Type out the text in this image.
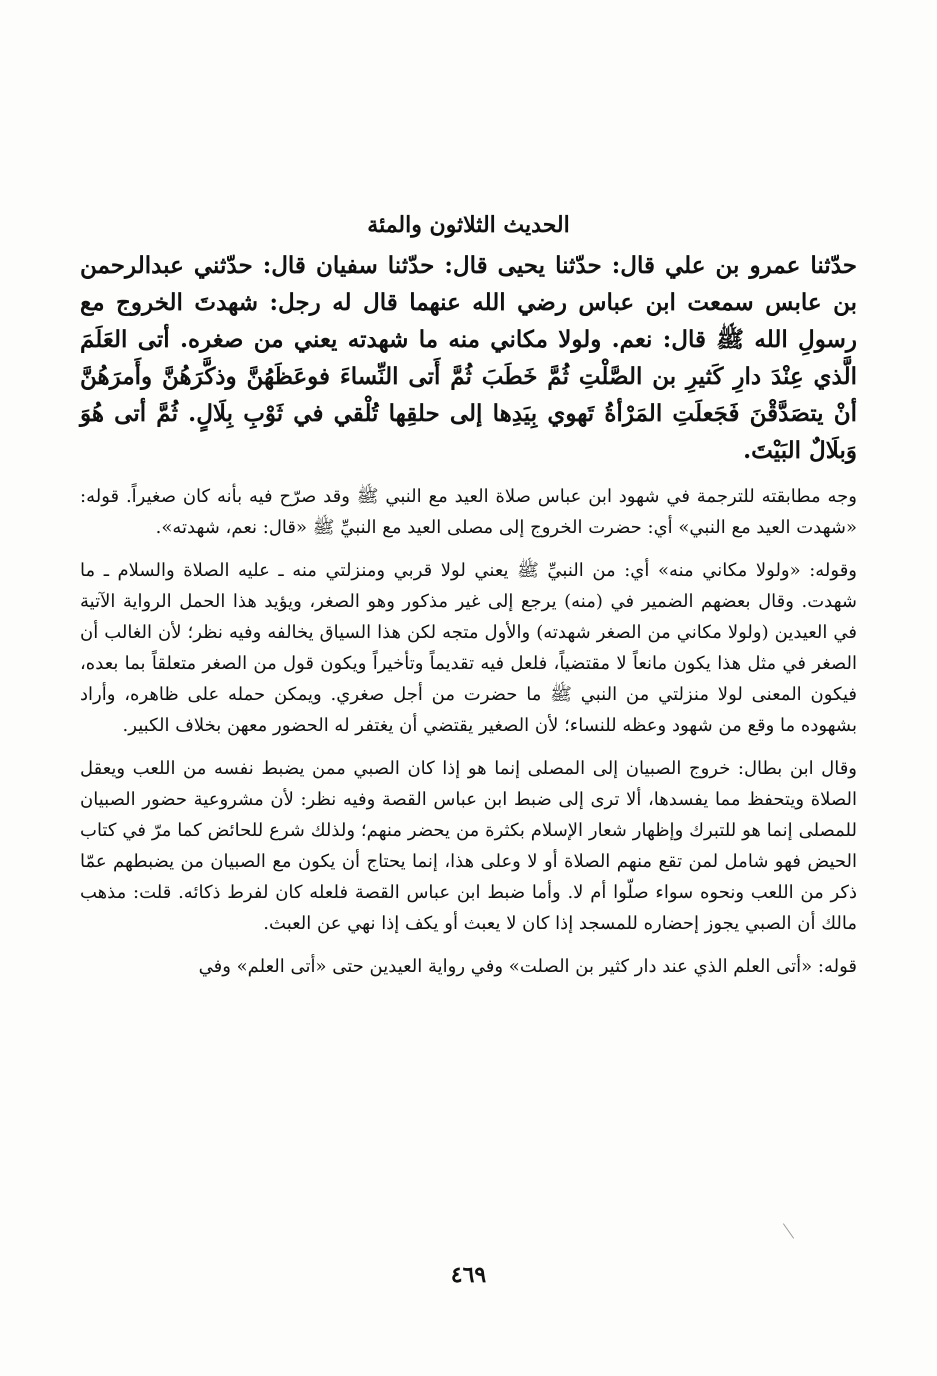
الحديث الثلاثون والمئة
حدّثنا عمرو بن علي قال: حدّثنا يحيى قال: حدّثنا سفيان قال: حدّثني عبدالرحمن بن عابس سمعت ابن عباس رضي الله عنهما قال له رجل: شهدتَ الخروج مع رسولِ الله ﷺ قال: نعم. ولولا مكاني منه ما شهدته يعني من صغره. أتى العَلَمَ الَّذي عِنْدَ دارِ كَثيرِ بن الصَّلْتِ ثُمَّ خَطَبَ ثُمَّ أَتى النِّساءَ فوعَظَهُنَّ وذكَّرَهُنَّ وأَمرَهُنَّ أنْ يتصَدَّقْنَ فَجَعلَتِ المَرْأةُ تَهوي بِيَدِها إلى حلقِها تُلْقي في ثَوْبِ بِلَالٍ. ثُمَّ أتى هُوَ وَبلَالٌ البَيْتَ.
وجه مطابقته للترجمة في شهود ابن عباس صلاة العيد مع النبي ﷺ وقد صرّح فيه بأنه كان صغيراً. قوله: «شهدت العيد مع النبي» أي: حضرت الخروج إلى مصلى العيد مع النبيِّ ﷺ «قال: نعم، شهدته».
وقوله: «ولولا مكاني منه» أي: من النبيِّ ﷺ يعني لولا قربي ومنزلتي منه ـ عليه الصلاة والسلام ـ ما شهدت. وقال بعضهم الضمير في (منه) يرجع إلى غير مذكور وهو الصغر، ويؤيد هذا الحمل الرواية الآتية في العيدين (ولولا مكاني من الصغر شهدته) والأول متجه لكن هذا السياق يخالفه وفيه نظر؛ لأن الغالب أن الصغر في مثل هذا يكون مانعاً لا مقتضياً، فلعل فيه تقديماً وتأخيراً ويكون قول من الصغر متعلقاً بما بعده، فيكون المعنى لولا منزلتي من النبي ﷺ ما حضرت من أجل صغري. ويمكن حمله على ظاهره، وأراد بشهوده ما وقع من شهود وعظه للنساء؛ لأن الصغير يقتضي أن يغتفر له الحضور معهن بخلاف الكبير.
وقال ابن بطال: خروج الصبيان إلى المصلى إنما هو إذا كان الصبي ممن يضبط نفسه من اللعب ويعقل الصلاة ويتحفظ مما يفسدها، ألا ترى إلى ضبط ابن عباس القصة وفيه نظر: لأن مشروعية حضور الصبيان للمصلى إنما هو للتبرك وإظهار شعار الإسلام بكثرة من يحضر منهم؛ ولذلك شرع للحائض كما مرّ في كتاب الحيض فهو شامل لمن تقع منهم الصلاة أو لا وعلى هذا، إنما يحتاج أن يكون مع الصبيان من يضبطهم عمّا ذكر من اللعب ونحوه سواء صلّوا أم لا. وأما ضبط ابن عباس القصة فلعله كان لفرط ذكائه. قلت: مذهب مالك أن الصبي يجوز إحضاره للمسجد إذا كان لا يعبث أو يكف إذا نهي عن العبث.
قوله: «أتى العلم الذي عند دار كثير بن الصلت» وفي رواية العيدين حتى «أتى العلم» وفي
٤٦٩
